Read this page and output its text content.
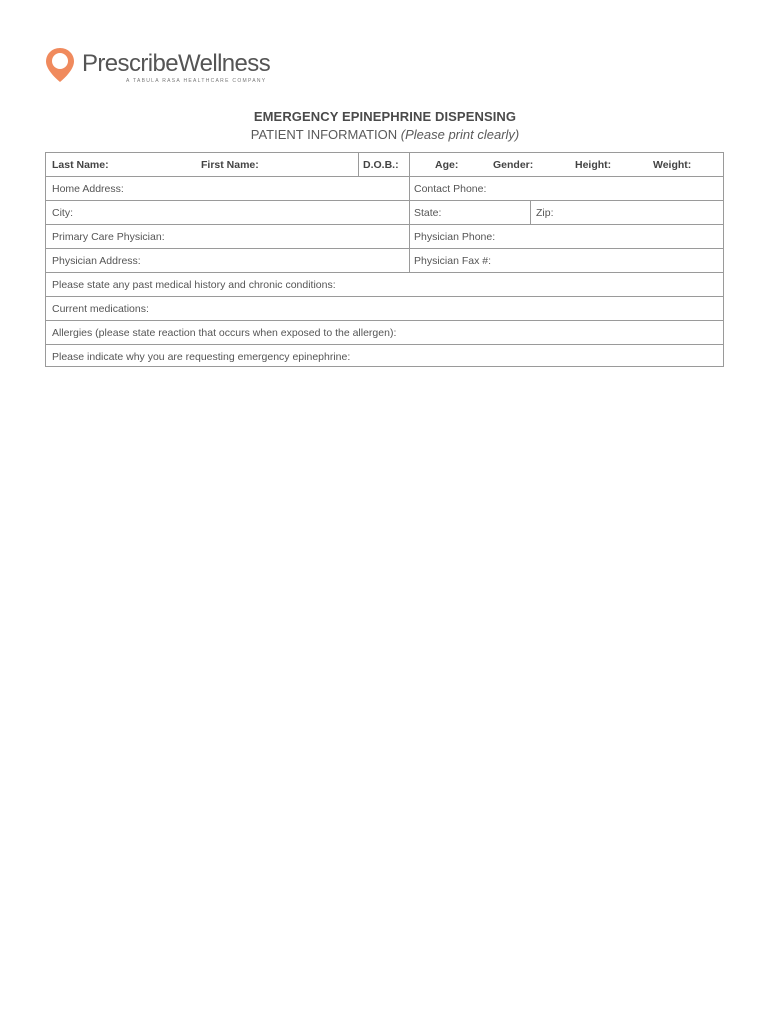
PrescribeWellness
A TABULA RASA HEALTHCARE COMPANY
EMERGENCY EPINEPHRINE DISPENSING
PATIENT INFORMATION (Please print clearly)
Last Name:	First Name:	D.O.B.:	Age:	Gender:	Height:	Weight:
Home Address:	Contact Phone:
City:	State:	Zip:
Primary Care Physician:	Physician Phone:
Physician Address:	Physician Fax #:
Please state any past medical history and chronic conditions:
Current medications:
Allergies (please state reaction that occurs when exposed to the allergen):
Please indicate why you are requesting emergency epinephrine:
